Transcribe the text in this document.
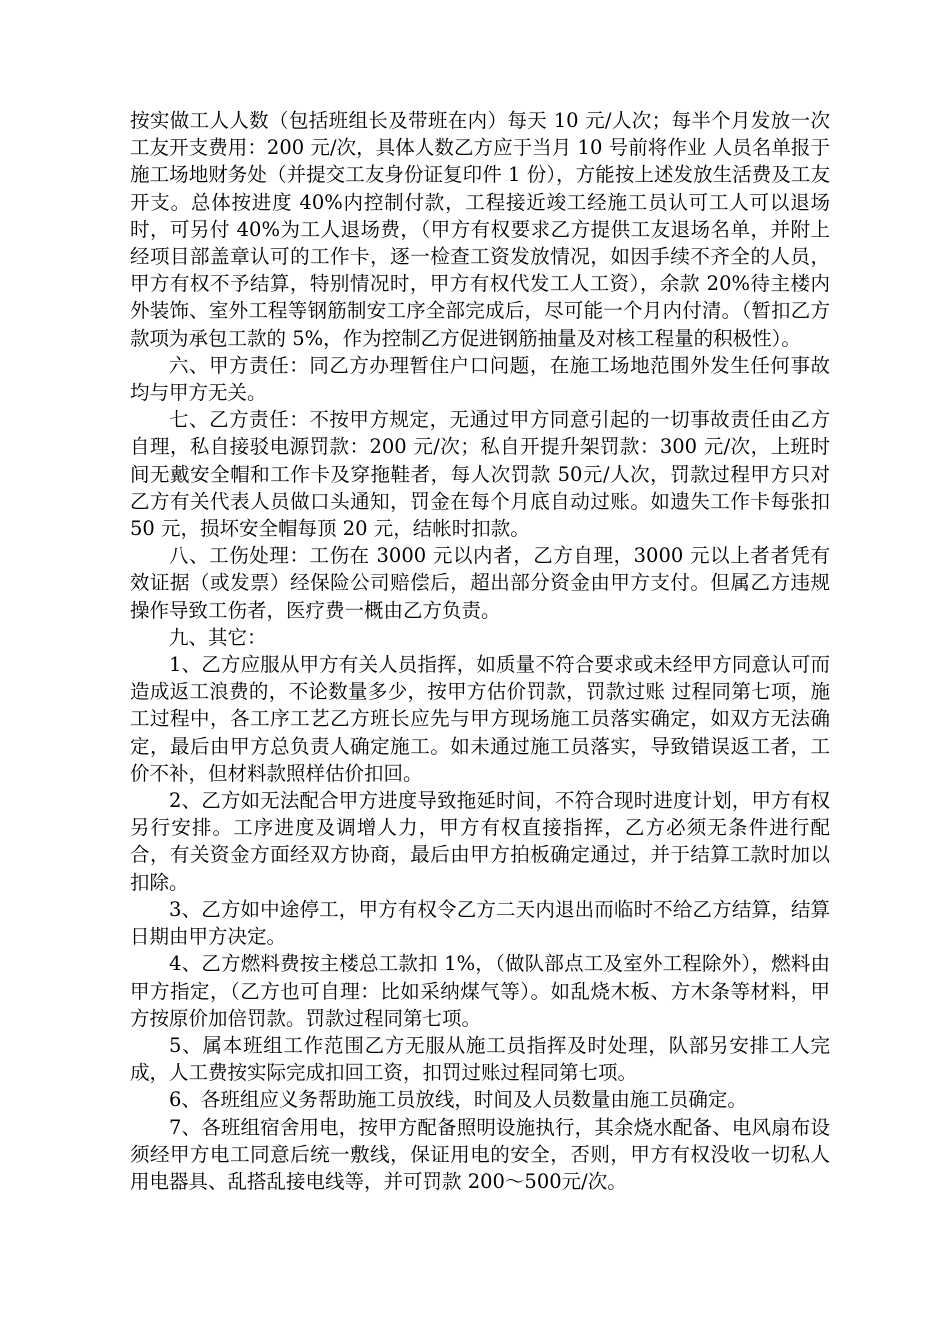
按实做工人人数（包括班组长及带班在内）每天 10 元/人次；每半个月发放一次工友开支费用：200 元/次，具体人数乙方应于当月 10 号前将作业 人员名单报于施工场地财务处（并提交工友身份证复印件 1 份），方能按上述发放生活费及工友开支。总体按进度 40%内控制付款，工程接近竣工经施工员认可工人可以退场时，可另付 40%为工人退场费，（甲方有权要求乙方提供工友退场名单，并附上经项目部盖章认可的工作卡，逐一检查工资发放情况，如因手续不齐全的人员，甲方有权不予结算，特别情况时，甲方有权代发工人工资），余款 20%待主楼内外装饰、室外工程等钢筋制安工序全部完成后，尽可能一个月内付清。（暂扣乙方款项为承包工款的 5%，作为控制乙方促进钢筋抽量及对核工程量的积极性）。

六、甲方责任：同乙方办理暂住户口问题，在施工场地范围外发生任何事故均与甲方无关。

七、乙方责任：不按甲方规定，无通过甲方同意引起的一切事故责任由乙方自理，私自接驳电源罚款：200 元/次；私自开提升架罚款：300 元/次，上班时间无戴安全帽和工作卡及穿拖鞋者，每人次罚款 50元/人次，罚款过程甲方只对乙方有关代表人员做口头通知，罚金在每个月底自动过账。如遗失工作卡每张扣 50 元，损坏安全帽每顶 20 元，结帐时扣款。

八、工伤处理：工伤在 3000 元以内者，乙方自理，3000 元以上者者凭有效证据（或发票）经保险公司赔偿后，超出部分资金由甲方支付。但属乙方违规操作导致工伤者，医疗费一概由乙方负责。

九、其它：

1、乙方应服从甲方有关人员指挥，如质量不符合要求或未经甲方同意认可而造成返工浪费的，不论数量多少，按甲方估价罚款，罚款过账 过程同第七项，施工过程中，各工序工艺乙方班长应先与甲方现场施工员落实确定，如双方无法确定，最后由甲方总负责人确定施工。如未通过施工员落实，导致错误返工者，工价不补，但材料款照样估价扣回。

2、乙方如无法配合甲方进度导致拖延时间，不符合现时进度计划，甲方有权另行安排。工序进度及调增人力，甲方有权直接指挥，乙方必须无条件进行配合，有关资金方面经双方协商，最后由甲方拍板确定通过，并于结算工款时加以扣除。

3、乙方如中途停工，甲方有权令乙方二天内退出而临时不给乙方结算，结算日期由甲方决定。

4、乙方燃料费按主楼总工款扣 1%，（做队部点工及室外工程除外），燃料由甲方指定，（乙方也可自理：比如采纳煤气等）。如乱烧木板、方木条等材料，甲方按原价加倍罚款。罚款过程同第七项。

5、属本班组工作范围乙方无服从施工员指挥及时处理，队部另安排工人完成，人工费按实际完成扣回工资，扣罚过账过程同第七项。

6、各班组应义务帮助施工员放线，时间及人员数量由施工员确定。

7、各班组宿舍用电，按甲方配备照明设施执行，其余烧水配备、电风扇布设须经甲方电工同意后统一敷线，保证用电的安全，否则，甲方有权没收一切私人用电器具、乱搭乱接电线等，并可罚款 200～500元/次。
